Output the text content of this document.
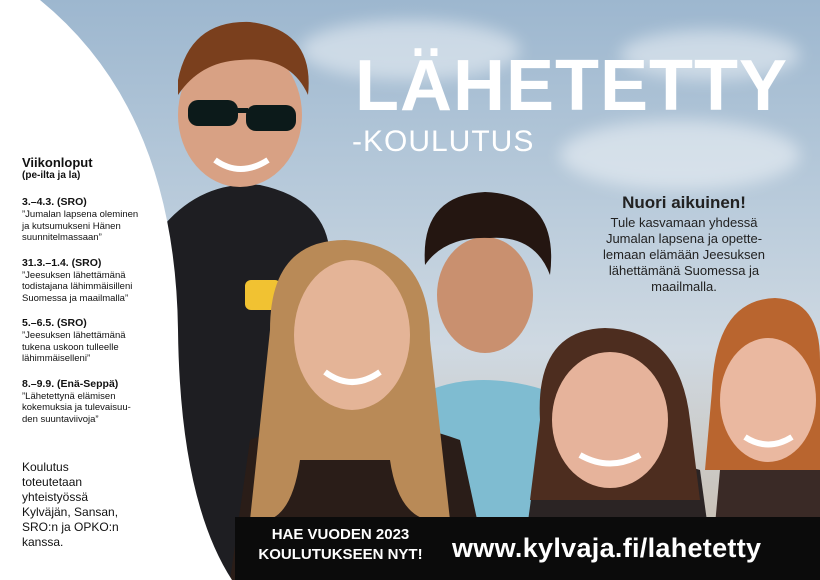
Viikonloput
(pe-ilta ja la)
3.–4.3. (SRO)
”Jumalan lapsena oleminen
ja kutsumukseni Hänen
suunnitelmassaan”
31.3.–1.4. (SRO)
”Jeesuksen lähettämänä
todistajana lähimmäisilleni
Suomessa ja maailmalla”
5.–6.5. (SRO)
”Jeesuksen lähettämänä
tukena uskoon tulleelle
lähimmäiselleni”
8.–9.9. (Enä-Seppä)
”Lähetettynä elämisen
kokemuksia ja tulevaisuu-
den suuntaviivoja”
Koulutus
toteutetaan
yhteistyössä
Kylväjän, Sansan,
SRO:n ja OPKO:n
kanssa.
LÄHETETTY
-KOULUTUS
Nuori aikuinen!
Tule kasvamaan yhdessä
Jumalan lapsena ja opette-
lemaan elämään Jeesuksen
lähettämänä Suomessa ja
maailmalla.
HAE VUODEN 2023
KOULUTUKSEEN NYT!	www.kylvaja.fi/lahetetty
